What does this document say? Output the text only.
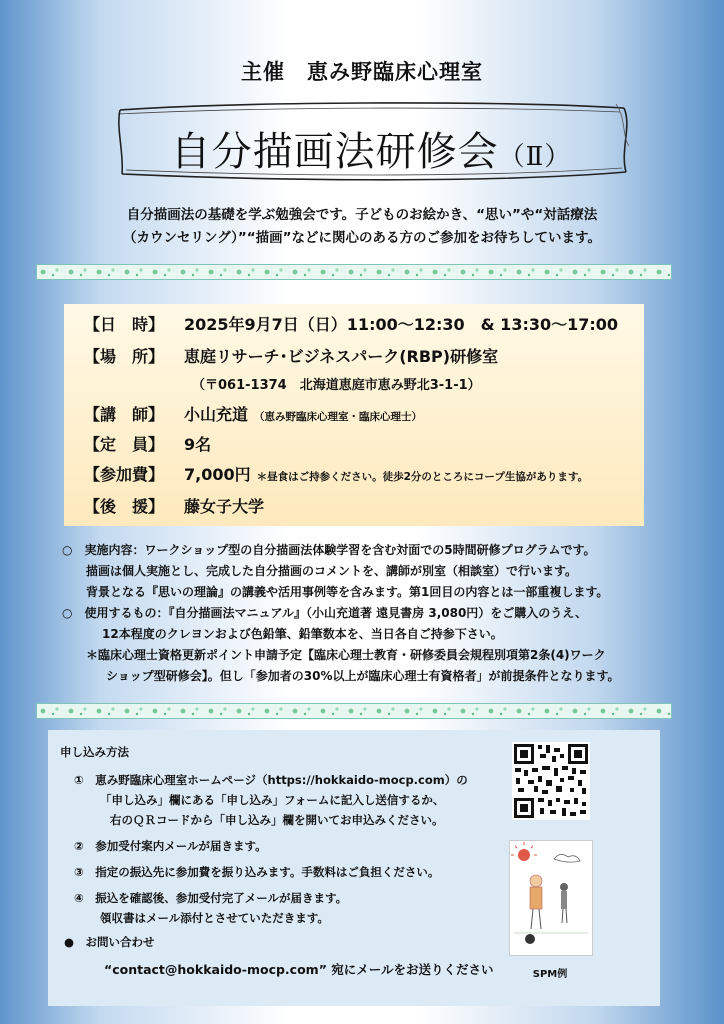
主催　恵み野臨床心理室
自分描画法研修会（Ⅱ）
自分描画法の基礎を学ぶ勉強会です。子どものお絵かき、“思い”や“対話療法
（カウンセリング）”“描画”などに関心のある方のご参加をお待ちしています。
【日　時】 2025年9月7日（日）11:00～12:30　& 13:30～17:00
【場　所】 恵庭リサーチ･ビジネスパーク(RBP)研修室
（〒061-1374　北海道恵庭市恵み野北3-1-1）
【講　師】 小山充道 （恵み野臨床心理室・臨床心理士）
【定　員】 9名
【参加費】 7,000円 ＊昼食はご持参ください。徒歩2分のところにコープ生協があります。
【後　援】 藤女子大学
○　実施内容：ワークショップ型の自分描画法体験学習を含む対面での5時間研修プログラムです。
描画は個人実施とし、完成した自分描画のコメントを、講師が別室（相談室）で行います。
背景となる『思いの理論』の講義や活用事例等を含みます。第1回目の内容とは一部重複します。
○　使用するもの：『自分描画法マニュアル』（小山充道著 遠見書房 3,080円）をご購入のうえ、
12本程度のクレヨンおよび色鉛筆、鉛筆数本を、当日各自ご持参下さい。
＊臨床心理士資格更新ポイント申請予定【臨床心理士教育・研修委員会規程別項第2条(4)ワーク
ショップ型研修会】。但し「参加者の30%以上が臨床心理士有資格者」が前提条件となります。
申し込み方法
①　恵み野臨床心理室ホームページ（https://hokkaido-mocp.com）の
「申し込み」欄にある「申し込み」フォームに記入し送信するか、
右のＱＲコードから「申し込み」欄を開いてお申込みください。
②　参加受付案内メールが届きます。
③　指定の振込先に参加費を振り込みます。手数料はご負担ください。
④　振込を確認後、参加受付完了メールが届きます。
領収書はメール添付とさせていただきます。
●　お問い合わせ
“contact@hokkaido-mocp.com” 宛にメールをお送りください	SPM例
